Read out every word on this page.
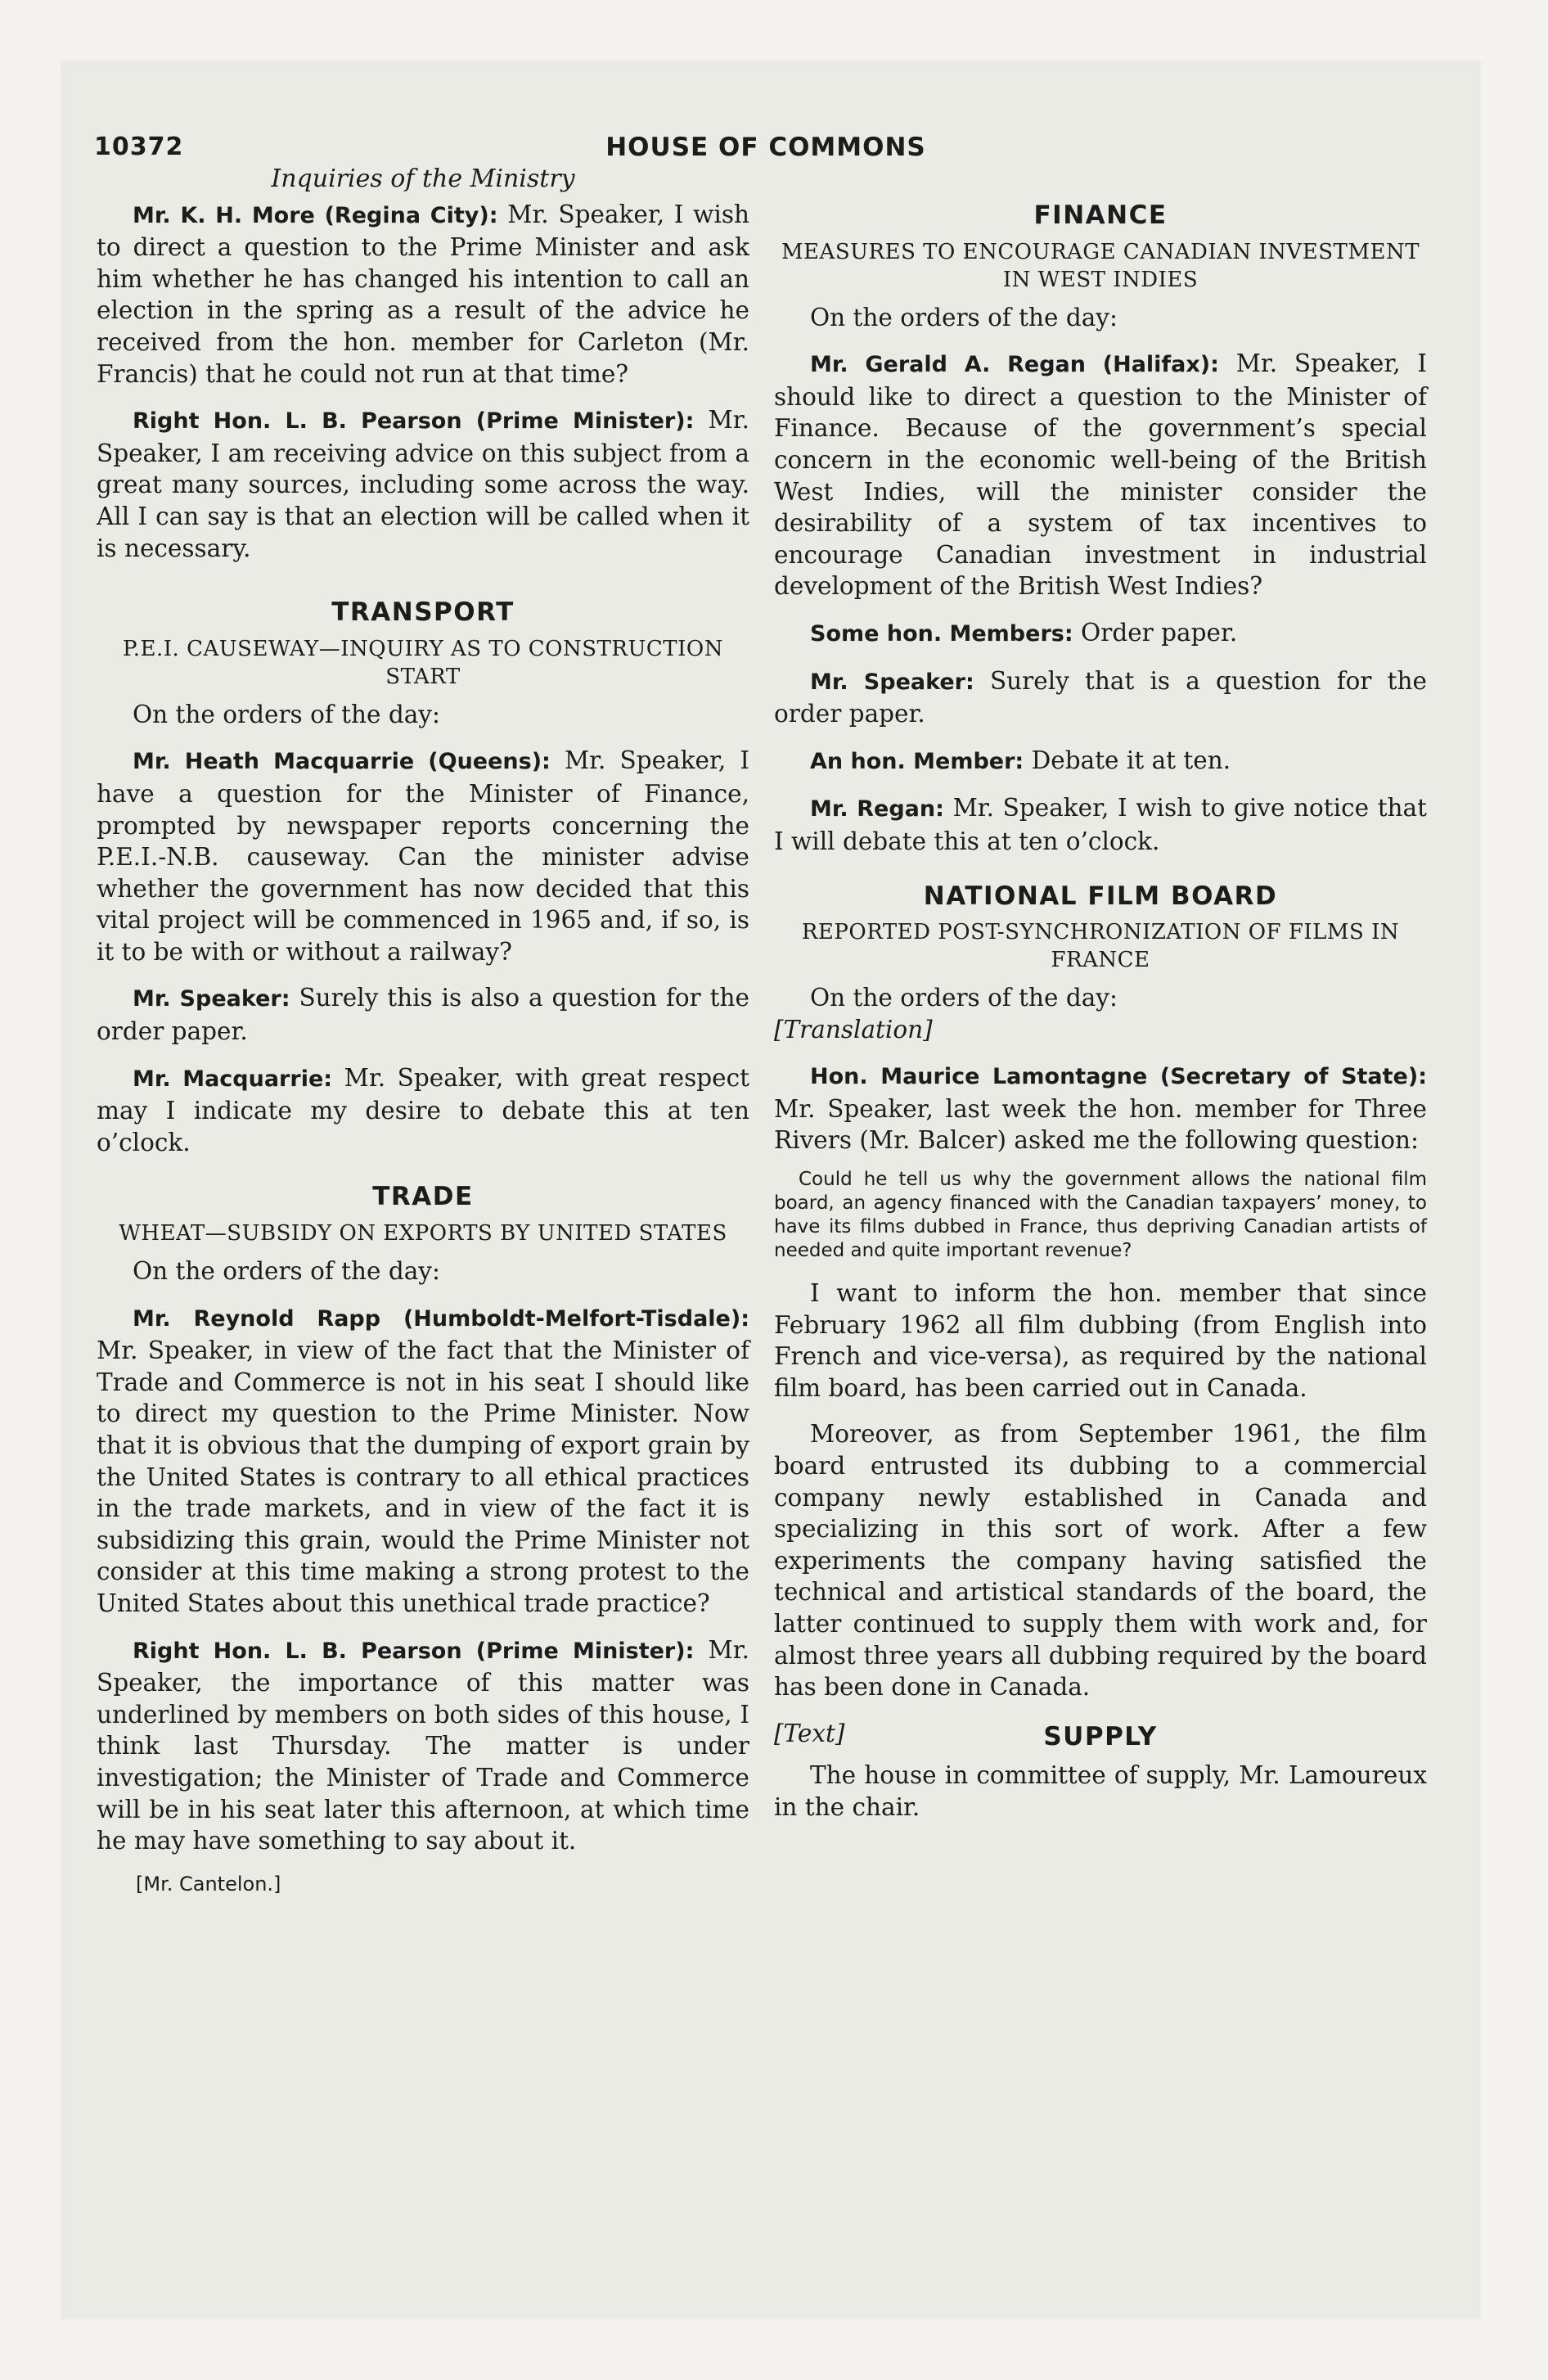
10372	HOUSE OF COMMONS
Inquiries of the Ministry

Mr. K. H. More (Regina City): Mr. Speaker, I wish to direct a question to the Prime Minister and ask him whether he has changed his intention to call an election in the spring as a result of the advice he received from the hon. member for Carleton (Mr. Francis) that he could not run at that time?

Right Hon. L. B. Pearson (Prime Minister): Mr. Speaker, I am receiving advice on this subject from a great many sources, including some across the way. All I can say is that an election will be called when it is necessary.

TRANSPORT
P.E.I. CAUSEWAY—INQUIRY AS TO CONSTRUCTION START

On the orders of the day:

Mr. Heath Macquarrie (Queens): Mr. Speaker, I have a question for the Minister of Finance, prompted by newspaper reports concerning the P.E.I.-N.B. causeway. Can the minister advise whether the government has now decided that this vital project will be commenced in 1965 and, if so, is it to be with or without a railway?

Mr. Speaker: Surely this is also a question for the order paper.

Mr. Macquarrie: Mr. Speaker, with great respect may I indicate my desire to debate this at ten o’clock.

TRADE
WHEAT—SUBSIDY ON EXPORTS BY UNITED STATES

On the orders of the day:

Mr. Reynold Rapp (Humboldt-Melfort-Tisdale): Mr. Speaker, in view of the fact that the Minister of Trade and Commerce is not in his seat I should like to direct my question to the Prime Minister. Now that it is obvious that the dumping of export grain by the United States is contrary to all ethical practices in the trade markets, and in view of the fact it is subsidizing this grain, would the Prime Minister not consider at this time making a strong protest to the United States about this unethical trade practice?

Right Hon. L. B. Pearson (Prime Minister): Mr. Speaker, the importance of this matter was underlined by members on both sides of this house, I think last Thursday. The matter is under investigation; the Minister of Trade and Commerce will be in his seat later this afternoon, at which time he may have something to say about it.

[Mr. Cantelon.]
FINANCE
MEASURES TO ENCOURAGE CANADIAN INVESTMENT IN WEST INDIES

On the orders of the day:

Mr. Gerald A. Regan (Halifax): Mr. Speaker, I should like to direct a question to the Minister of Finance. Because of the government’s special concern in the economic well-being of the British West Indies, will the minister consider the desirability of a system of tax incentives to encourage Canadian investment in industrial development of the British West Indies?

Some hon. Members: Order paper.

Mr. Speaker: Surely that is a question for the order paper.

An hon. Member: Debate it at ten.

Mr. Regan: Mr. Speaker, I wish to give notice that I will debate this at ten o’clock.

NATIONAL FILM BOARD
REPORTED POST-SYNCHRONIZATION OF FILMS IN FRANCE

On the orders of the day:

[Translation]

Hon. Maurice Lamontagne (Secretary of State): Mr. Speaker, last week the hon. member for Three Rivers (Mr. Balcer) asked me the following question:

Could he tell us why the government allows the national film board, an agency financed with the Canadian taxpayers’ money, to have its films dubbed in France, thus depriving Canadian artists of needed and quite important revenue?

I want to inform the hon. member that since February 1962 all film dubbing (from English into French and vice-versa), as required by the national film board, has been carried out in Canada.

Moreover, as from September 1961, the film board entrusted its dubbing to a commercial company newly established in Canada and specializing in this sort of work. After a few experiments the company having satisfied the technical and artistical standards of the board, the latter continued to supply them with work and, for almost three years all dubbing required by the board has been done in Canada.

[Text]	SUPPLY

The house in committee of supply, Mr. Lamoureux in the chair.
